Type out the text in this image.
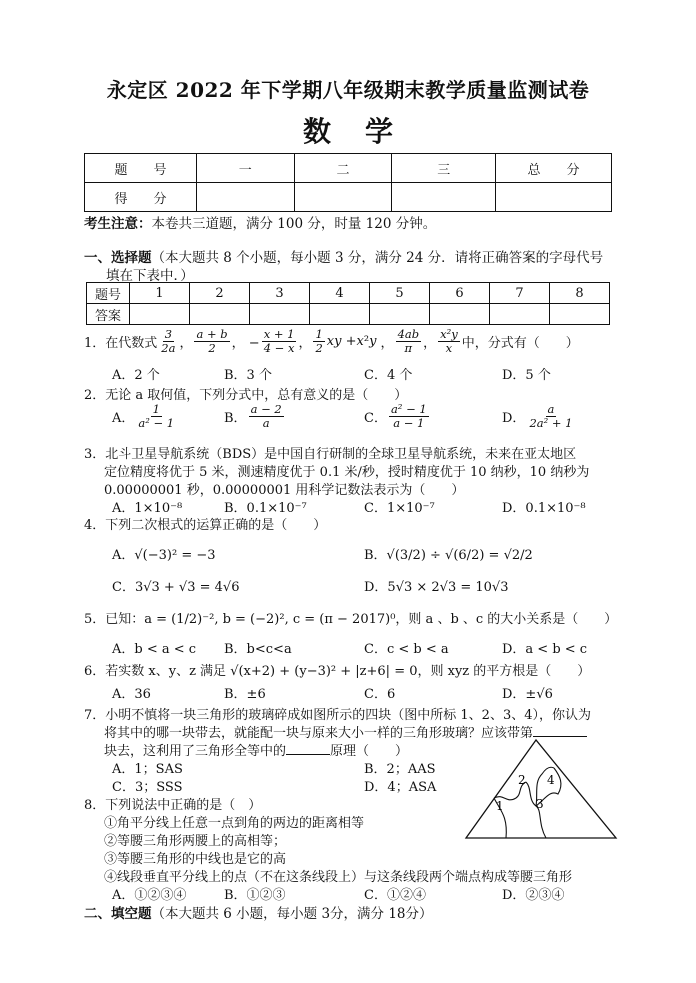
永定区 2022 年下学期八年级期末教学质量监测试卷
数学
题　　号	一	二	三	总　　分
得　　分				
考生注意：本卷共三道题，满分 100 分，时量 120 分钟。
一、选择题（本大题共 8 个小题，每小题 3 分，满分 24 分．请将正确答案的字母代号
填在下表中．）
题号	1	2	3	4	5	6	7	8
答案								
1．在代数式 $\frac{3}{2a}$ ， $\frac{a + b}{2}$ ， − $\frac{x + 1}{4 - x}$ ， $\frac{1}{2}$ xy + x ² y ， $\frac{4ab}{\pi}$ ， $\frac{\text{x²y}}{x}$ 中，分式有（　　）
A．2 个	B．3 个	C．4 个	D．5 个
2．无论 a 取何值，下列分式中，总有意义的是（　　）
A． $\frac{1}{\text{a² − 1}}$	B． $\frac{a - 2}{a}$	C． $\frac{\text{a² − 1}}{a - 1}$	D． $\frac{a}{\text{2a² + 1}}$
3．北斗卫星导航系统（BDS）是中国自行研制的全球卫星导航系统，未来在亚太地区
定位精度将优于 5 米，测速精度优于 0.1 米/秒，授时精度优于 10 纳秒，10 纳秒为
0.00000001 秒，0.00000001 用科学记数法表示为（　　）
A．1×10⁻⁸	B．0.1×10⁻⁷	C．1×10⁻⁷	D．0.1×10⁻⁸
4．下列二次根式的运算正确的是（　　）
A．√(−3)² = −3	B．√(3/2) ÷ √(6/2) = √2/2
C．3√3 + √3 = 4√6	D．5√3 × 2√3 = 10√3
5．已知：a = (1/2)⁻², b = (−2)², c = (π − 2017)⁰，则 a 、b 、c 的大小关系是（　　）
A．b < a < c B．b<c<a	C．c < b < a	D．a < b < c
6．若实数 x、y、z 满足 √(x+2) + (y−3)² + |z+6| = 0，则 xyz 的平方根是（　　）
A．36	B．±6	C．6	D．±√6
7．小明不慎将一块三角形的玻璃碎成如图所示的四块（图中所标 1、2、3、4），你认为
将其中的哪一块带去，就能配一块与原来大小一样的三角形玻璃？应该带第
块去，这利用了三角形全等中的	原理（　　）
A．1；SAS	B．2；AAS
C．3；SSS	D．4；ASA
1
2
3
4
8．下列说法中正确的是（　）
①角平分线上任意一点到角的两边的距离相等
②等腰三角形两腰上的高相等；
③等腰三角形的中线也是它的高
④线段垂直平分线上的点（不在这条线段上）与这条线段两个端点构成等腰三角形
A．①②③④	B．①②③	C．①②④	D．②③④
二、填空题（本大题共 6 小题，每小题 3分，满分 18分）
